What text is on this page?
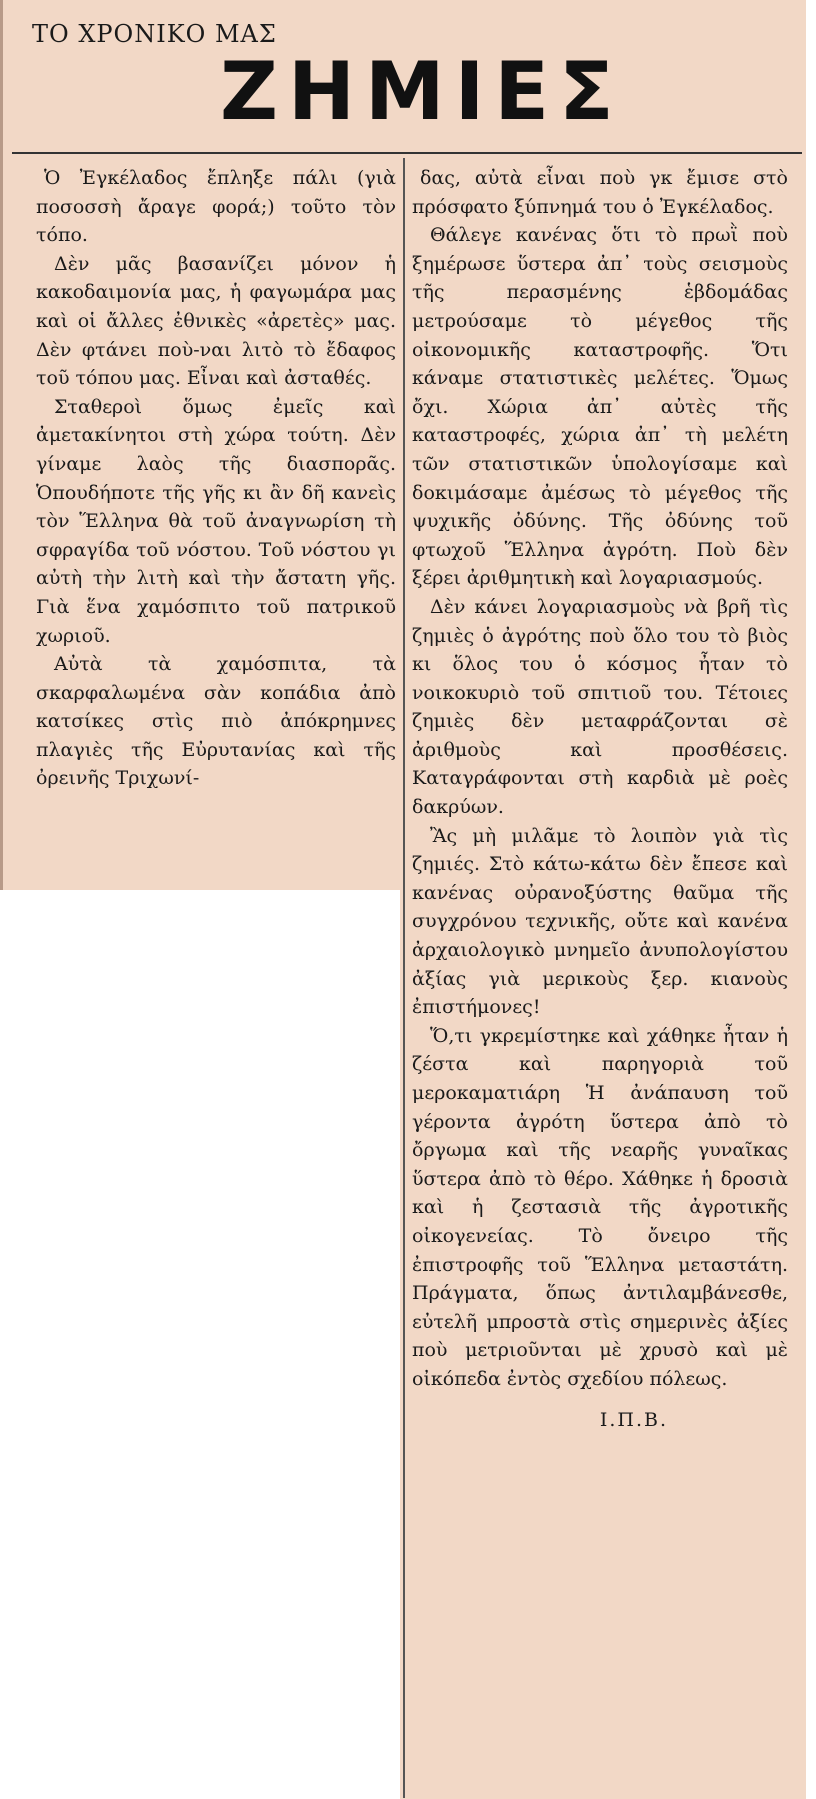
ΤΟ ΧΡΟΝΙΚΟ ΜΑΣ
ΖΗΜΙΕΣ

Ὁ Ἐγκέλαδος ἔπληξε πάλι (γιὰ ποσοσσὴ ἄραγε φορά;) τοῦτο τὸν τόπο.

Δὲν μᾶς βασανίζει μόνον ἡ κακοδαιμονία μας, ἡ φαγωμάρα μας καὶ οἱ ἄλλες ἐθνικὲς «ἀρετὲς» μας. Δὲν φτάνει ποὺ-ναι λιτὸ τὸ ἔδαφος τοῦ τόπου μας. Εἶναι καὶ ἀσταθές.

Σταθεροὶ ὅμως ἐμεῖς καὶ ἀμετακίνητοι στὴ χώρα τούτη. Δὲν γίναμε λαὸς τῆς διασπορᾶς. Ὁπουδήποτε τῆς γῆς κι ἂν δῆ κανεὶς τὸν Ἕλληνα θὰ τοῦ ἀναγνωρίση τὴ σφραγίδα τοῦ νόστου. Τοῦ νόστου γι αὐτὴ τὴν λιτὴ καὶ τὴν ἄστατη γῆς. Γιὰ ἕνα χαμόσπιτο τοῦ πατρικοῦ χωριοῦ.

Αὐτὰ τὰ χαμόσπιτα, τὰ σκαρφαλωμένα σὰν κοπάδια ἀπὸ κατσίκες στὶς πιὸ ἀπόκρημνες πλαγιὲς τῆς Εὐρυτανίας καὶ τῆς ὀρεινῆς Τριχωνί-

δας, αὐτὰ εἶναι ποὺ γκ ἔμισε στὸ πρόσφατο ξύπνημά του ὁ Ἐγκέλαδος.

Θάλεγε κανένας ὅτι τὸ πρωῒ ποὺ ξημέρωσε ὕστερα ἀπ᾿ τοὺς σεισμοὺς τῆς περασμένης ἑβδομάδας μετρούσαμε τὸ μέγεθος τῆς οἰκονομικῆς καταστροφῆς. Ὅτι κάναμε στατιστικὲς μελέτες. Ὅμως ὄχι. Χώρια ἀπ᾿ αὐτὲς τῆς καταστροφές, χώρια ἀπ᾿ τὴ μελέτη τῶν στατιστικῶν ὑπολογίσαμε καὶ δοκιμάσαμε ἀμέσως τὸ μέγεθος τῆς ψυχικῆς ὀδύνης. Τῆς ὀδύνης τοῦ φτωχοῦ Ἕλληνα ἀγρότη. Ποὺ δὲν ξέρει ἀριθμητικὴ καὶ λογαριασμούς.

Δὲν κάνει λογαριασμοὺς νὰ βρῆ τὶς ζημιὲς ὁ ἀγρότης ποὺ ὅλο του τὸ βιὸς κι ὅλος του ὁ κόσμος ἦταν τὸ νοικοκυριὸ τοῦ σπιτιοῦ του. Τέτοιες ζημιὲς δὲν μεταφράζονται σὲ ἀριθμοὺς καὶ προσθέσεις. Καταγράφονται στὴ καρδιὰ μὲ ροὲς δακρύων.

Ἂς μὴ μιλᾶμε τὸ λοιπὸν γιὰ τὶς ζημιές. Στὸ κάτω-κάτω δὲν ἔπεσε καὶ κανένας οὐρανοξύστης θαῦμα τῆς συγχρόνου τεχνικῆς, οὔτε καὶ κανένα ἀρχαιολογικὸ μνημεῖο ἀνυπολογίστου ἀξίας γιὰ μερικοὺς ξερ. κιανοὺς ἐπιστήμονες!

Ὅ,τι γκρεμίστηκε καὶ χάθηκε ἦταν ἡ ζέστα καὶ παρηγοριὰ τοῦ μεροκαματιάρη Ἡ ἀνάπαυση τοῦ γέροντα ἀγρότη ὕστερα ἀπὸ τὸ ὄργωμα καὶ τῆς νεαρῆς γυναῖκας ὕστερα ἀπὸ τὸ θέρο. Χάθηκε ἡ δροσιὰ καὶ ἡ ζεστασιὰ τῆς ἀγροτικῆς οἰκογενείας. Τὸ ὄνειρο τῆς ἐπιστροφῆς τοῦ Ἕλληνα μεταστάτη. Πράγματα, ὅπως ἀντιλαμβάνεσθε, εὐτελῆ μπροστὰ στὶς σημερινὲς ἀξίες ποὺ μετριοῦνται μὲ χρυσὸ καὶ μὲ οἰκόπεδα ἐντὸς σχεδίου πόλεως.

Ι.Π.Β.
